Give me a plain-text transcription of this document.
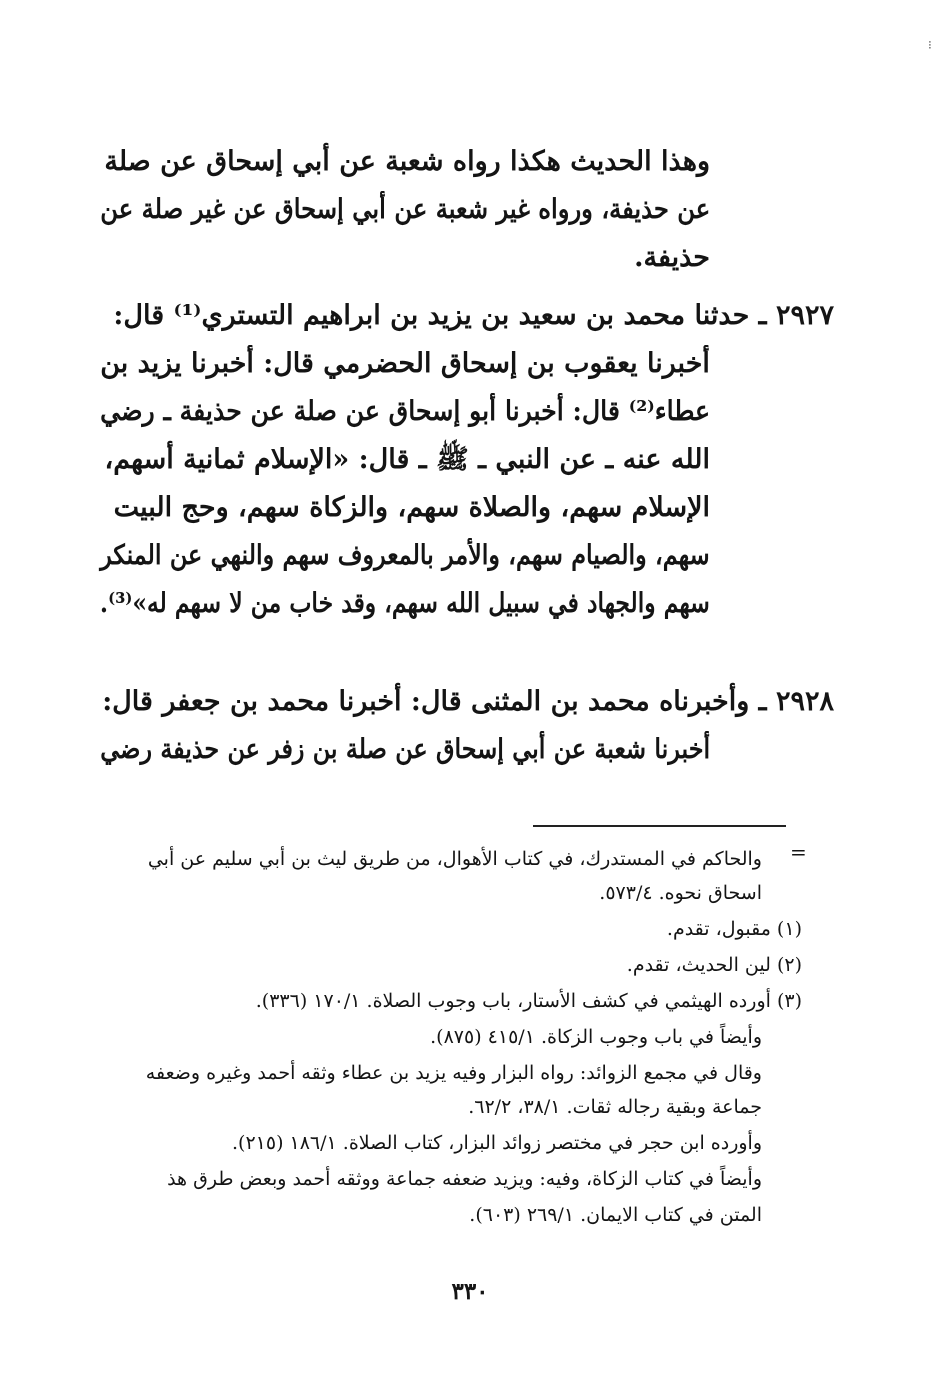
⁝
وهذا الحديث هكذا رواه شعبة عن أبي إسحاق عن صلة
عن حذيفة، ورواه غير شعبة عن أبي إسحاق عن غير صلة عن
حذيفة.
٢٩٢٧ ـ حدثنا محمد بن سعيد بن يزيد بن ابراهيم التستري⁽¹⁾ قال:
أخبرنا يعقوب بن إسحاق الحضرمي قال: أخبرنا يزيد بن
عطاء⁽²⁾ قال: أخبرنا أبو إسحاق عن صلة عن حذيفة ـ رضي
الله عنه ـ عن النبي ـ ﷺ ـ قال: «الإسلام ثمانية أسهم،
الإسلام سهم، والصلاة سهم، والزكاة سهم، وحج البيت
سهم، والصيام سهم، والأمر بالمعروف سهم والنهي عن المنكر
سهم والجهاد في سبيل الله سهم، وقد خاب من لا سهم له»⁽³⁾.
٢٩٢٨ ـ وأخبرناه محمد بن المثنى قال: أخبرنا محمد بن جعفر قال:
أخبرنا شعبة عن أبي إسحاق عن صلة بن زفر عن حذيفة رضي
=
والحاكم في المستدرك، في كتاب الأهوال، من طريق ليث بن أبي سليم عن أبي
اسحاق نحوه. ٥٧٣/٤.
(١) مقبول، تقدم.
(٢) لين الحديث، تقدم.
(٣) أورده الهيثمي في كشف الأستار، باب وجوب الصلاة. ١٧٠/١ (٣٣٦).
وأيضاً في باب وجوب الزكاة. ٤١٥/١ (٨٧٥).
وقال في مجمع الزوائد: رواه البزار وفيه يزيد بن عطاء وثقه أحمد وغيره وضعفه
جماعة وبقية رجاله ثقات. ٣٨/١، ٦٢/٢.
وأورده ابن حجر في مختصر زوائد البزار، كتاب الصلاة. ١٨٦/١ (٢١٥).
وأيضاً في كتاب الزكاة، وفيه: ويزيد ضعفه جماعة ووثقه أحمد وبعض طرق هذ
المتن في كتاب الايمان. ٢٦٩/١ (٦٠٣).
٣٣٠
